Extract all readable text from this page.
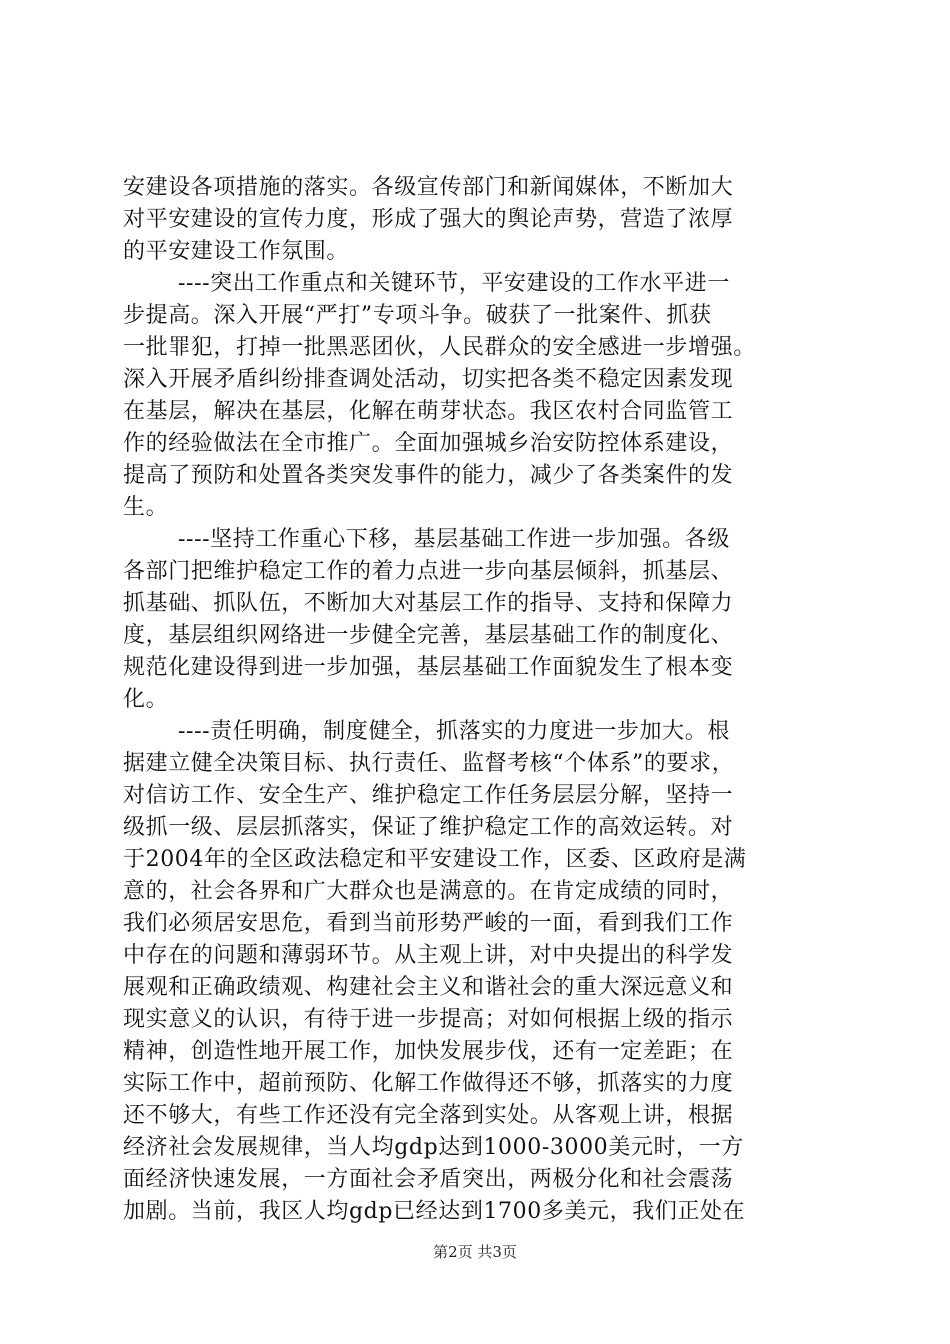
安建设各项措施的落实。各级宣传部门和新闻媒体，不断加大
对平安建设的宣传力度，形成了强大的舆论声势，营造了浓厚
的平安建设工作氛围。
----突出工作重点和关键环节，平安建设的工作水平进一
步提高。深入开展“严打”专项斗争。破获了一批案件、抓获
一批罪犯，打掉一批黑恶团伙，人民群众的安全感进一步增强。
深入开展矛盾纠纷排查调处活动，切实把各类不稳定因素发现
在基层，解决在基层，化解在萌芽状态。我区农村合同监管工
作的经验做法在全市推广。全面加强城乡治安防控体系建设，
提高了预防和处置各类突发事件的能力，减少了各类案件的发
生。
----坚持工作重心下移，基层基础工作进一步加强。各级
各部门把维护稳定工作的着力点进一步向基层倾斜，抓基层、
抓基础、抓队伍，不断加大对基层工作的指导、支持和保障力
度，基层组织网络进一步健全完善，基层基础工作的制度化、
规范化建设得到进一步加强，基层基础工作面貌发生了根本变
化。
----责任明确，制度健全，抓落实的力度进一步加大。根
据建立健全决策目标、执行责任、监督考核“个体系”的要求，
对信访工作、安全生产、维护稳定工作任务层层分解，坚持一
级抓一级、层层抓落实，保证了维护稳定工作的高效运转。对
于2004年的全区政法稳定和平安建设工作，区委、区政府是满
意的，社会各界和广大群众也是满意的。在肯定成绩的同时，
我们必须居安思危，看到当前形势严峻的一面，看到我们工作
中存在的问题和薄弱环节。从主观上讲，对中央提出的科学发
展观和正确政绩观、构建社会主义和谐社会的重大深远意义和
现实意义的认识，有待于进一步提高；对如何根据上级的指示
精神，创造性地开展工作，加快发展步伐，还有一定差距；在
实际工作中，超前预防、化解工作做得还不够，抓落实的力度
还不够大，有些工作还没有完全落到实处。从客观上讲，根据
经济社会发展规律，当人均gdp达到1000-3000美元时，一方
面经济快速发展，一方面社会矛盾突出，两极分化和社会震荡
加剧。当前，我区人均gdp已经达到1700多美元，我们正处在
第2页 共3页
